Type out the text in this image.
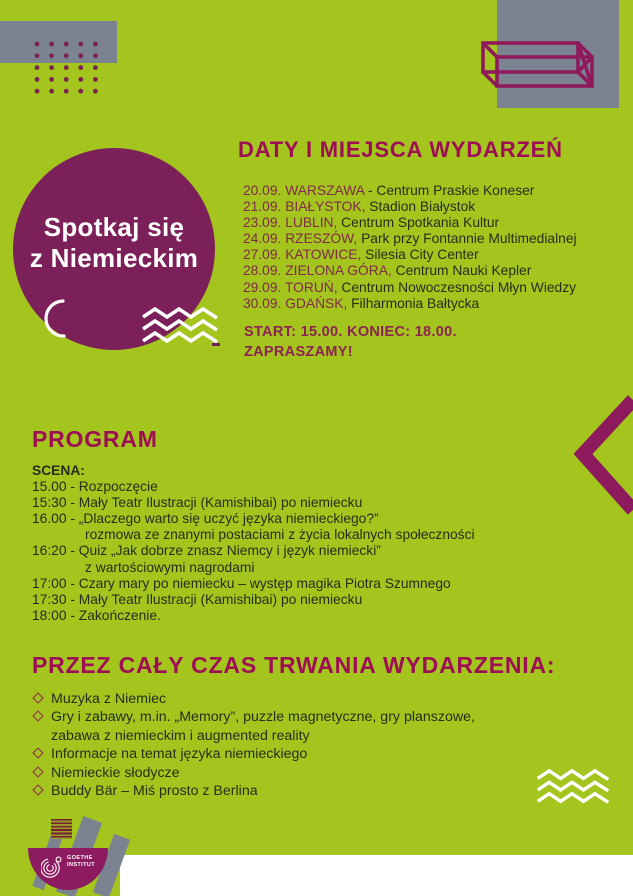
Spotkaj się
z Niemieckim
DATY I MIEJSCA WYDARZEŃ
20.09. WARSZAWA - Centrum Praskie Koneser
21.09. BIAŁYSTOK, Stadion Białystok
23.09. LUBLIN, Centrum Spotkania Kultur
24.09. RZESZÓW, Park przy Fontannie Multimedialnej
27.09. KATOWICE, Silesia City Center
28.09. ZIELONA GÓRA, Centrum Nauki Kepler
29.09. TORUŃ, Centrum Nowoczesności Młyn Wiedzy
30.09. GDAŃSK, Filharmonia Bałtycka
START: 15.00. KONIEC: 18.00.
ZAPRASZAMY!
PROGRAM
SCENA:
15.00 - Rozpoczęcie
15:30 - Mały Teatr Ilustracji (Kamishibai) po niemiecku
16.00 - „Dlaczego warto się uczyć języka niemieckiego?”
rozmowa ze znanymi postaciami z życia lokalnych społeczności
16:20 - Quiz „Jak dobrze znasz Niemcy i język niemiecki”
z wartościowymi nagrodami
17:00 - Czary mary po niemiecku – występ magika Piotra Szumnego
17:30 - Mały Teatr Ilustracji (Kamishibai) po niemiecku
18:00 - Zakończenie.
PRZEZ CAŁY CZAS TRWANIA WYDARZENIA:
Muzyka z Niemiec
Gry i zabawy, m.in. „Memory”, puzzle magnetyczne, gry planszowe,
zabawa z niemieckim i augmented reality
Informacje na temat języka niemieckiego
Niemieckie słodycze
Buddy Bär – Miś prosto z Berlina
GOETHE
INSTITUT
